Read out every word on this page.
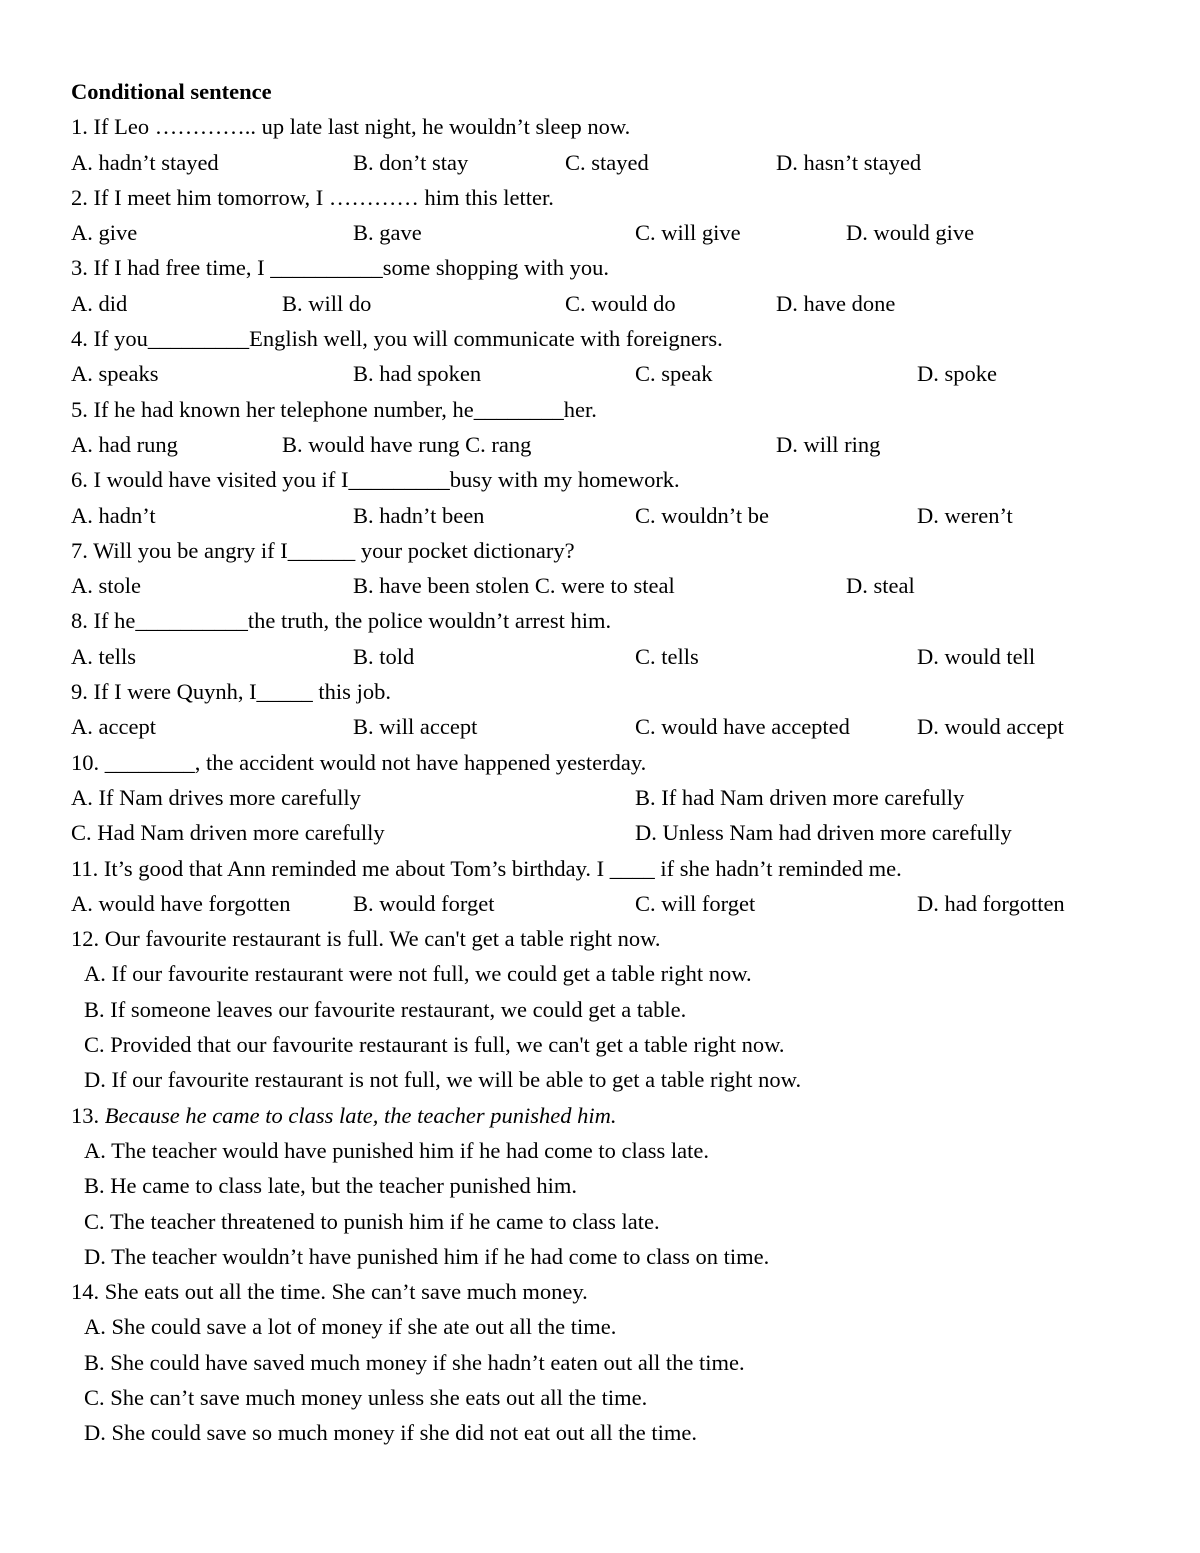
Conditional sentence
1. If Leo ………….. up late last night, he wouldn’t sleep now.
A. hadn’t stayed	B. don’t stay	C. stayed	D. hasn’t stayed
2. If I meet him tomorrow, I ………… him this letter.
A. give	B. gave	C. will give	D. would give
3. If I had free time, I __________some shopping with you.
A. did	B. will do	C. would do	D. have done
4. If you_________English well, you will communicate with foreigners.
A. speaks	B. had spoken	C. speak	D. spoke
5. If he had known her telephone number, he________her.
A. had rung	B. would have rung C. rang	D. will ring
6. I would have visited you if I_________busy with my homework.
A. hadn’t	B. hadn’t been	C. wouldn’t be	D. weren’t
7. Will you be angry if I______ your pocket dictionary?
A. stole	B. have been stolen C. were to steal	D. steal
8. If he__________the truth, the police wouldn’t arrest him.
A. tells	B. told	C. tells	D. would tell
9. If I were Quynh, I_____ this job.
A. accept	B. will accept	C. would have accepted	D. would accept
10. ________, the accident would not have happened yesterday.
A. If Nam drives more carefully	B. If had Nam driven more carefully
C. Had Nam driven more carefully	D. Unless Nam had driven more carefully
11. It’s good that Ann reminded me about Tom’s birthday. I ____ if she hadn’t reminded me.
A. would have forgotten	B. would forget	C. will forget	D. had forgotten
12. Our favourite restaurant is full. We can't get a table right now.
A. If our favourite restaurant were not full, we could get a table right now.
B. If someone leaves our favourite restaurant, we could get a table.
C. Provided that our favourite restaurant is full, we can't get a table right now.
D. If our favourite restaurant is not full, we will be able to get a table right now.
13. Because he came to class late, the teacher punished him.
A. The teacher would have punished him if he had come to class late.
B. He came to class late, but the teacher punished him.
C. The teacher threatened to punish him if he came to class late.
D. The teacher wouldn’t have punished him if he had come to class on time.
14. She eats out all the time. She can’t save much money.
A. She could save a lot of money if she ate out all the time.
B. She could have saved much money if she hadn’t eaten out all the time.
C. She can’t save much money unless she eats out all the time.
D. She could save so much money if she did not eat out all the time.
